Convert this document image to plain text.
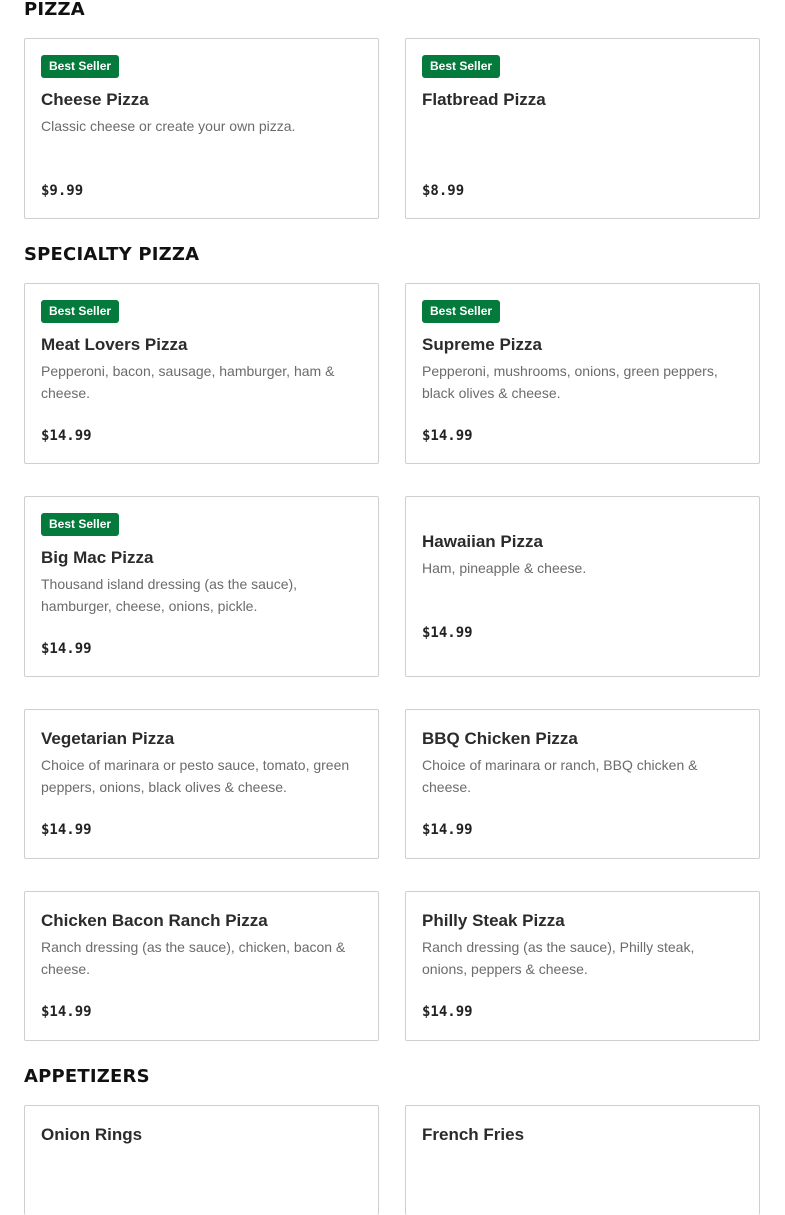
PIZZA
Best Seller
Cheese Pizza
Classic cheese or create your own pizza.
$9.99
Best Seller
Flatbread Pizza
$8.99
SPECIALTY PIZZA
Best Seller
Meat Lovers Pizza
Pepperoni, bacon, sausage, hamburger, ham & cheese.
$14.99
Best Seller
Supreme Pizza
Pepperoni, mushrooms, onions, green peppers, black olives & cheese.
$14.99
Best Seller
Big Mac Pizza
Thousand island dressing (as the sauce), hamburger, cheese, onions, pickle.
$14.99
Hawaiian Pizza
Ham, pineapple & cheese.
$14.99
Vegetarian Pizza
Choice of marinara or pesto sauce, tomato, green peppers, onions, black olives & cheese.
$14.99
BBQ Chicken Pizza
Choice of marinara or ranch, BBQ chicken & cheese.
$14.99
Chicken Bacon Ranch Pizza
Ranch dressing (as the sauce), chicken, bacon & cheese.
$14.99
Philly Steak Pizza
Ranch dressing (as the sauce), Philly steak, onions, peppers & cheese.
$14.99
APPETIZERS
Onion Rings	French Fries
